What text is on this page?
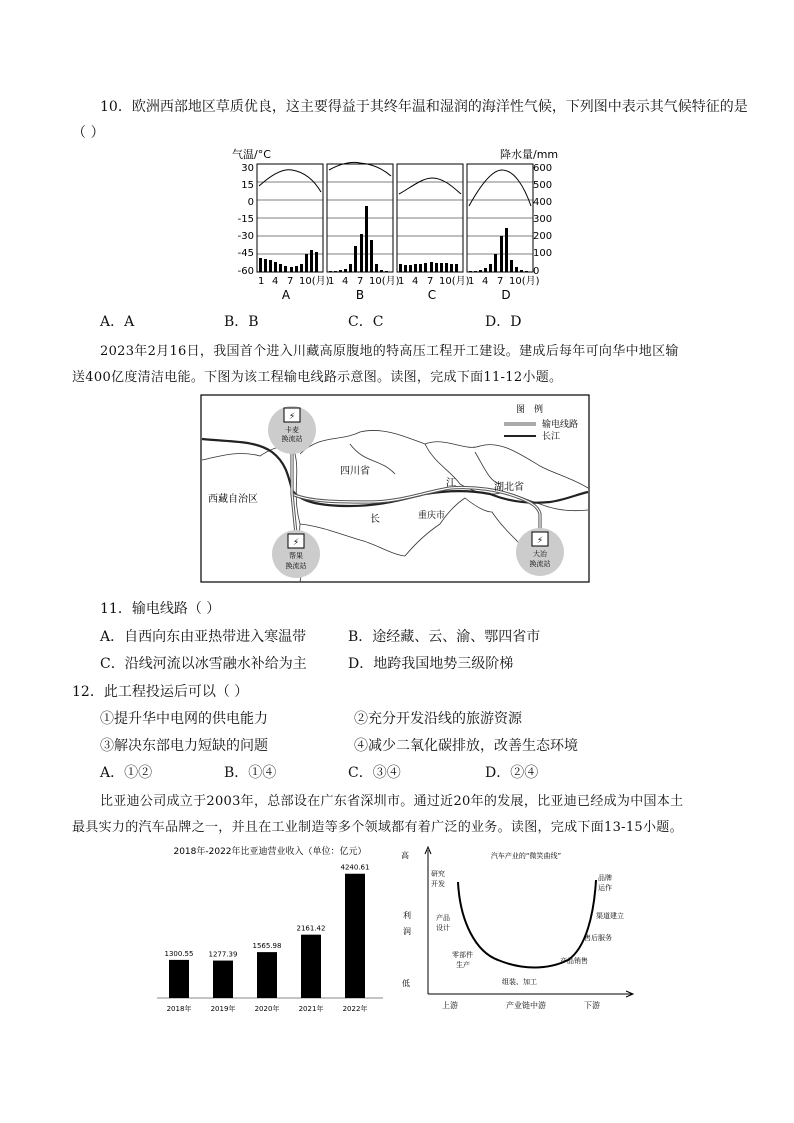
10．欧洲西部地区草质优良，这主要得益于其终年温和湿润的海洋性气候，下列图中表示其气候特征的是
（ ）
气温/°C	降水量/mm
30
15
0
-15
-30
-45
-60
600
500
400
300
200
100
0
1 4 7 10(月)
1 4 7 10(月)
1 4 7 10(月)
1 4 7 10(月)
A	B	C	D
A．A	B．B	C．C	D．D
2023年2月16日，我国首个进入川藏高原腹地的特高压工程开工建设。建成后每年可向华中地区输
送400亿度清洁电能。下图为该工程输电线路示意图。读图，完成下面11-12小题。
⚡
卡麦
换流站
⚡
帮果
换流站
⚡
大冶
换流站
四川省
西藏自治区
湖北省
重庆市
江
长
图　例
输电线路
长江
11．输电线路（ ）
A．自西向东由亚热带进入寒温带	B．途经藏、云、渝、鄂四省市
C．沿线河流以冰雪融水补给为主	D．地跨我国地势三级阶梯
12．此工程投运后可以（ ）
①提升华中电网的供电能力	②充分开发沿线的旅游资源
③解决东部电力短缺的问题	④减少二氧化碳排放，改善生态环境
A．①②	B．①④	C．③④	D．②④
比亚迪公司成立于2003年，总部设在广东省深圳市。通过近20年的发展，比亚迪已经成为中国本土
最具实力的汽车品牌之一，并且在工业制造等多个领域都有着广泛的业务。读图，完成下面13-15小题。
2018年-2022年比亚迪营业收入（单位：亿元）
1300.55
2018年
1277.39
2019年
1565.98
2020年
2161.42
2021年
4240.61
2022年
汽车产业的“微笑曲线”
高
利
润
低
上游	产业链中游	下游
研究
开发
产品
设计
零部件
生产
组装、加工
产品销售
售后服务
渠道建立
品牌
运作
